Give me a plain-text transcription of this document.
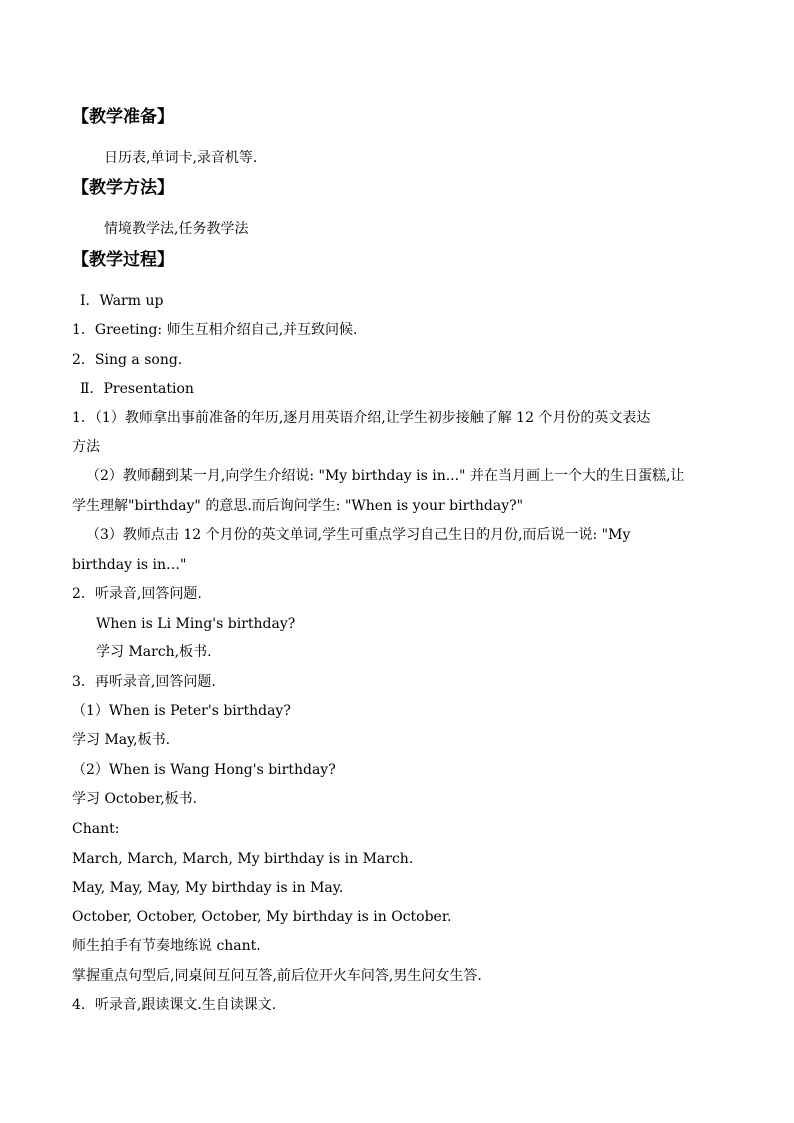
【教学准备】
日历表,单词卡,录音机等.
【教学方法】
情境教学法,任务教学法
【教学过程】
Ⅰ．Warm up
1．Greeting: 师生互相介绍自己,并互致问候.
2．Sing a song.
Ⅱ．Presentation
1．（1）教师拿出事前准备的年历,逐月用英语介绍,让学生初步接触了解 12 个月份的英文表达
方法
（2）教师翻到某一月,向学生介绍说: "My birthday is in..." 并在当月画上一个大的生日蛋糕,让
学生理解"birthday" 的意思.而后询问学生: "When is your birthday?"
（3）教师点击 12 个月份的英文单词,学生可重点学习自己生日的月份,而后说一说: "My
birthday is in…"
2．听录音,回答问题.
When is Li Ming's birthday?
学习 March,板书.
3．再听录音,回答问题.
（1）When is Peter's birthday?
学习 May,板书.
（2）When is Wang Hong's birthday?
学习 October,板书.
Chant:
March, March, March, My birthday is in March.
May, May, May, My birthday is in May.
October, October, October, My birthday is in October.
师生拍手有节奏地练说 chant.
掌握重点句型后,同桌间互问互答,前后位开火车问答,男生问女生答.
4．听录音,跟读课文.生自读课文.
